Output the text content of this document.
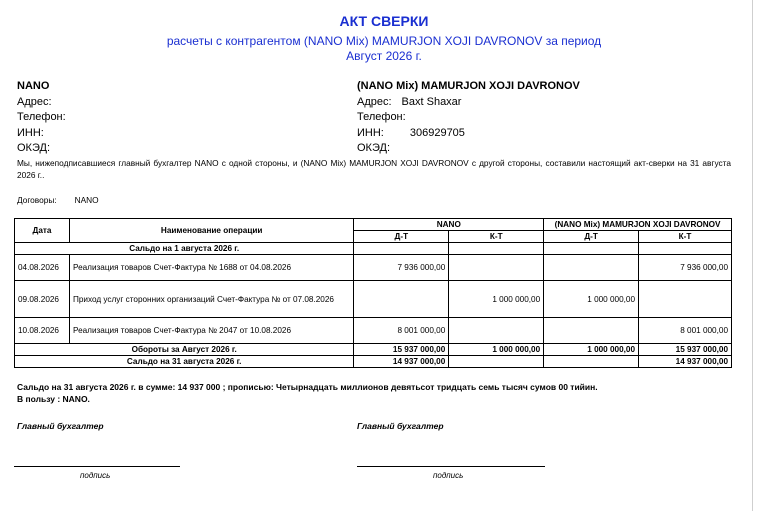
АКТ СВЕРКИ
расчеты с контрагентом (NANO Mix) MAMURJON XOJI DAVRONOV за период
Август 2026 г.
NANO
Адрес:
Телефон:
ИНН:
ОКЭД:
(NANO Mix) MAMURJON XOJI DAVRONOV
Адрес: Baxt Shaxar
Телефон:
ИНН: 306929705
ОКЭД:
Мы, нижеподписавшиеся главный бухгалтер NANO с одной стороны, и (NANO Mix) MAMURJON XOJI DAVRONOV с другой стороны, составили настоящий акт-сверки на 31 августа 2026 г..
Договоры: NANO
Дата	Наименование операции	NANO		(NANO Mix) MAMURJON XOJI DAVRONOV	
		Д-Т	К-Т	Д-Т	К-Т
Сальдо на 1 августа 2026 г.					
04.08.2026	Реализация товаров Счет-Фактура № 1688 от 04.08.2026	7 936 000,00			7 936 000,00
09.08.2026	Приход услуг сторонних организаций Счет-Фактура № от 07.08.2026		1 000 000,00	1 000 000,00	
10.08.2026	Реализация товаров Счет-Фактура № 2047 от 10.08.2026	8 001 000,00			8 001 000,00
Обороты за Август 2026 г.		15 937 000,00	1 000 000,00	1 000 000,00	15 937 000,00
Сальдо на 31 августа 2026 г.		14 937 000,00			14 937 000,00
Сальдо на 31 августа 2026 г. в сумме: 14 937 000 ; прописью: Четырнадцать миллионов девятьсот тридцать семь тысяч сумов 00 тийин.
В пользу : NANO.
Главный бухгалтер	Главный бухгалтер
подпись	подпись
